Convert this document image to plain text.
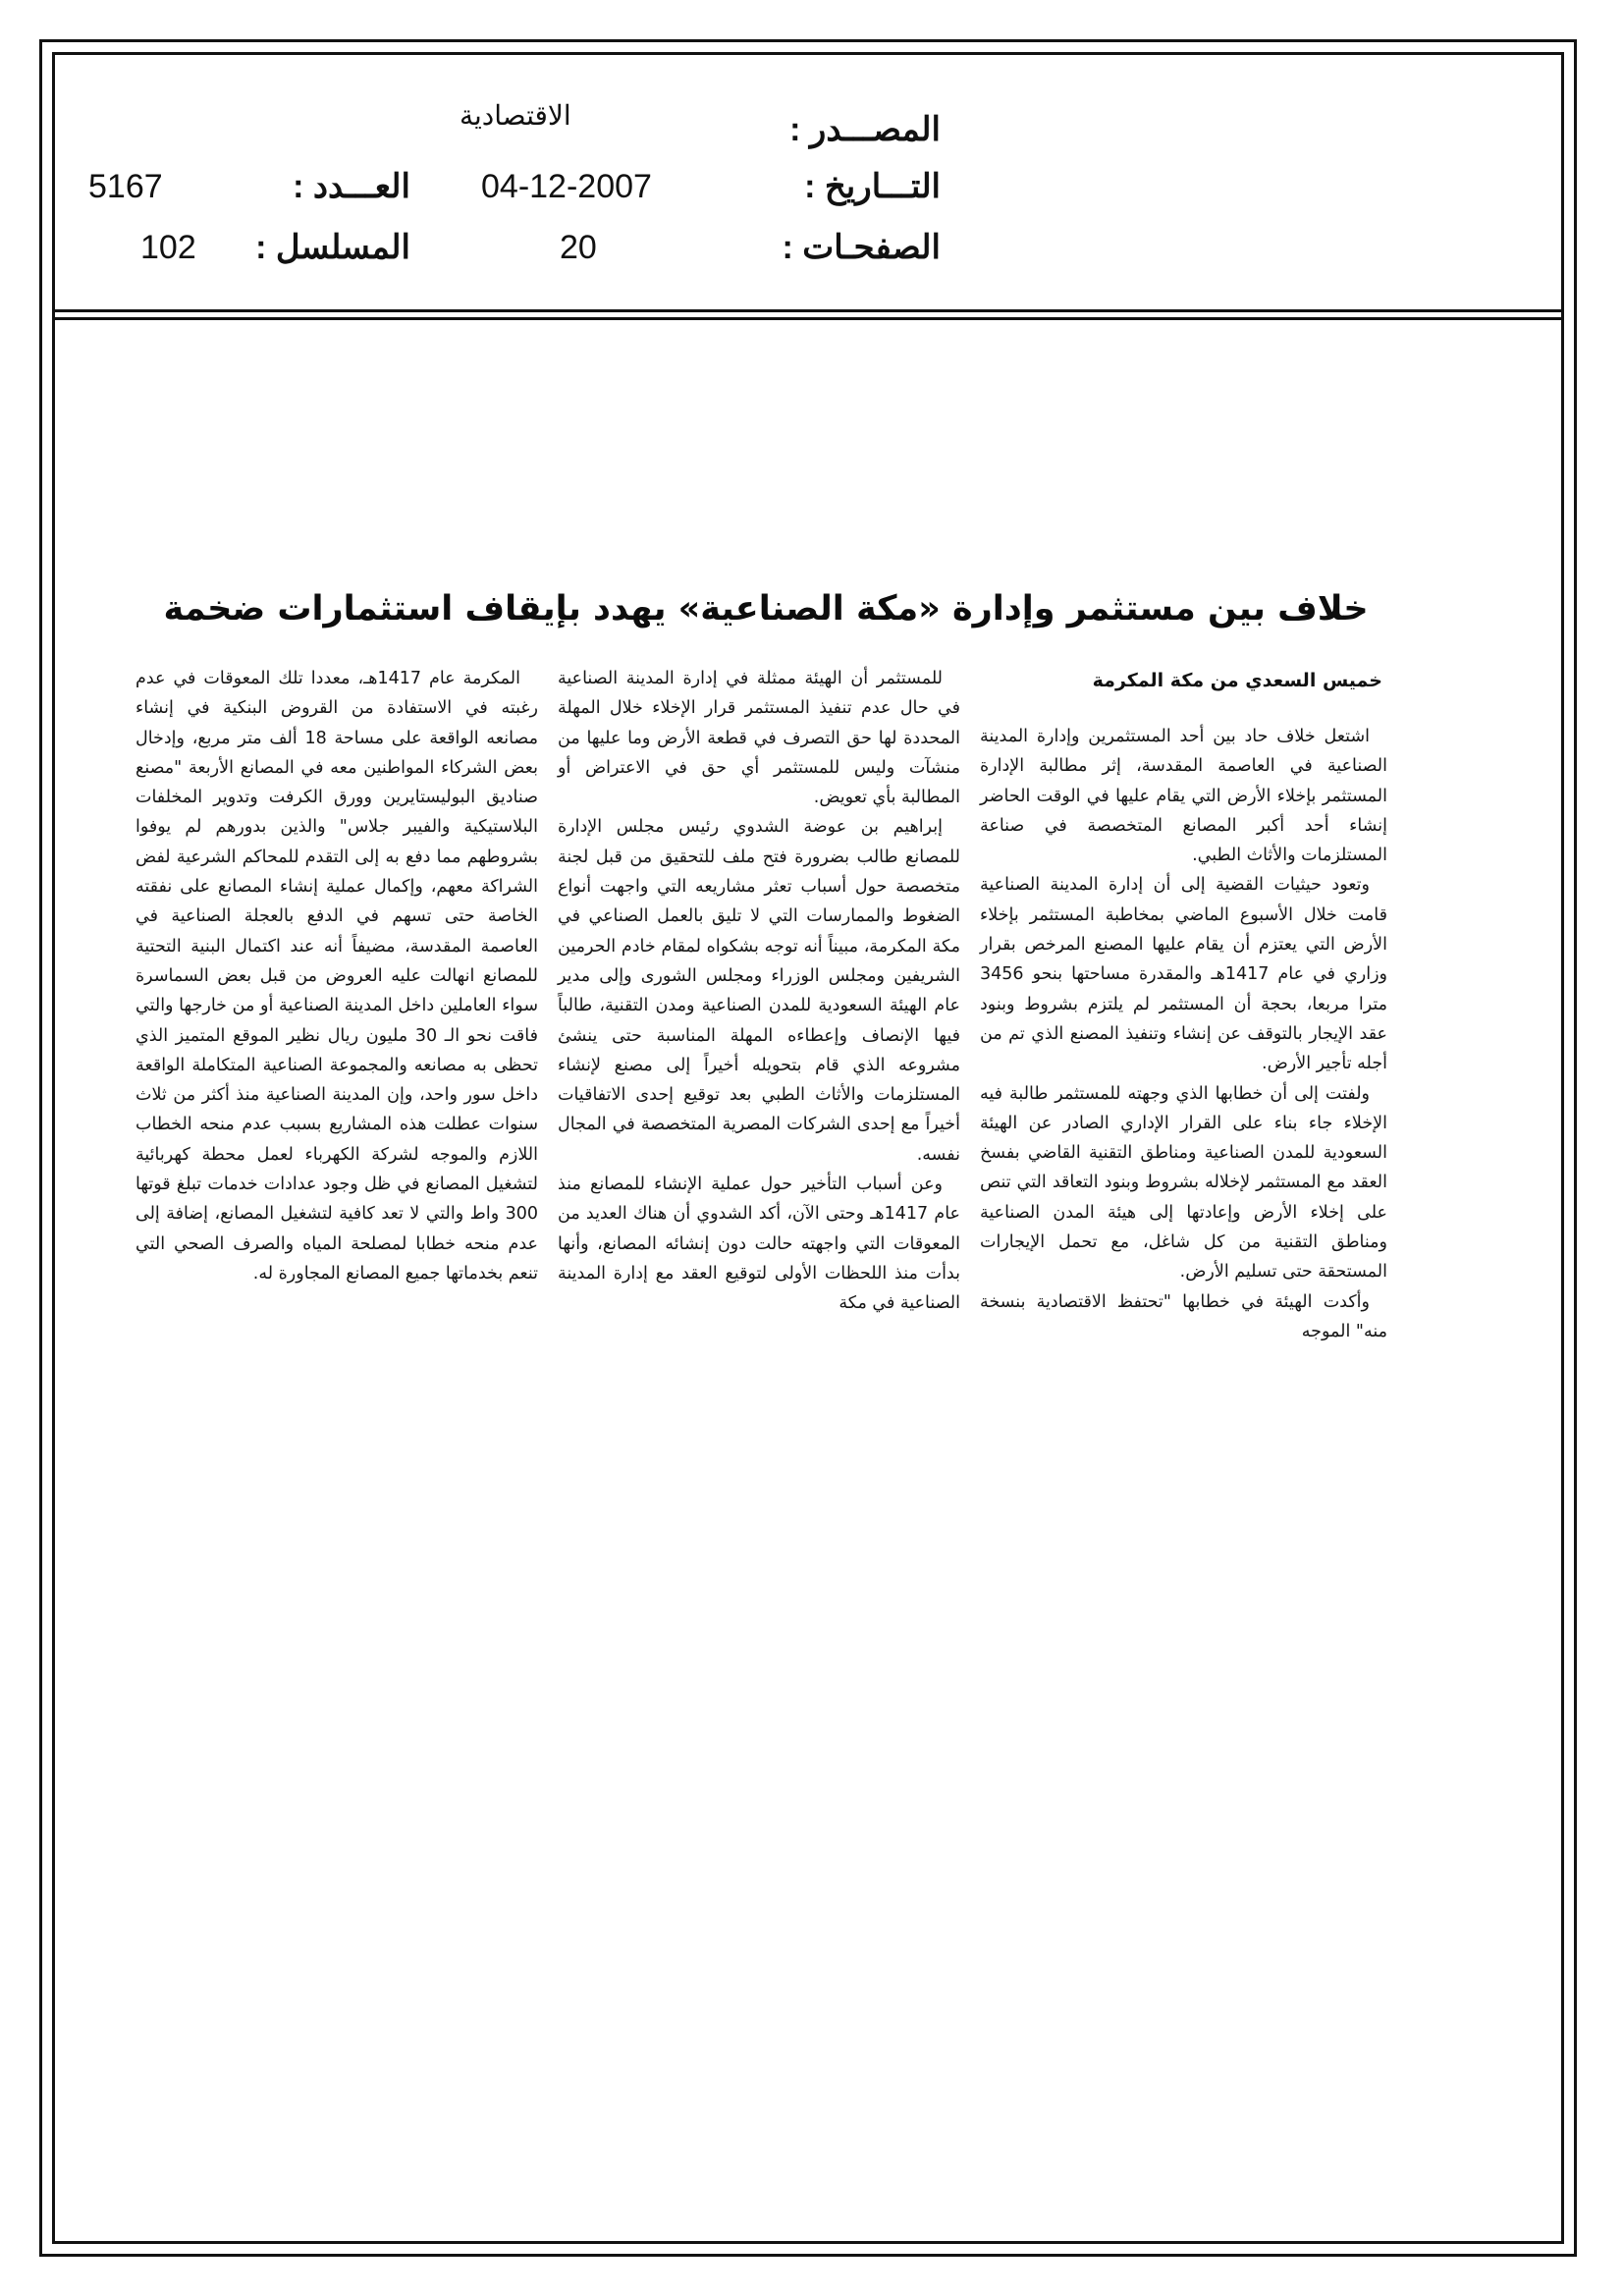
المصـــدر :
الاقتصادية
التـــاريخ :
04-12-2007
العـــدد :
5167
الصفحـات :
20
المسلسل :
102
خلاف بين مستثمر وإدارة «مكة الصناعية» يهدد بإيقاف استثمارات ضخمة
خميس السعدي من مكة المكرمة

اشتعل خلاف حاد بين أحد المستثمرين وإدارة المدينة الصناعية في العاصمة المقدسة، إثر مطالبة الإدارة المستثمر بإخلاء الأرض التي يقام عليها في الوقت الحاضر إنشاء أحد أكبر المصانع المتخصصة في صناعة المستلزمات والأثاث الطبي.

وتعود حيثيات القضية إلى أن إدارة المدينة الصناعية قامت خلال الأسبوع الماضي بمخاطبة المستثمر بإخلاء الأرض التي يعتزم أن يقام عليها المصنع المرخص بقرار وزاري في عام 1417هـ والمقدرة مساحتها بنحو 3456 مترا مربعا، بحجة أن المستثمر لم يلتزم بشروط وبنود عقد الإيجار بالتوقف عن إنشاء وتنفيذ المصنع الذي تم من أجله تأجير الأرض.

ولفتت إلى أن خطابها الذي وجهته للمستثمر طالبة فيه الإخلاء جاء بناء على القرار الإداري الصادر عن الهيئة السعودية للمدن الصناعية ومناطق التقنية القاضي بفسخ العقد مع المستثمر لإخلاله بشروط وبنود التعاقد التي تنص على إخلاء الأرض وإعادتها إلى هيئة المدن الصناعية ومناطق التقنية من كل شاغل، مع تحمل الإيجارات المستحقة حتى تسليم الأرض.

وأكدت الهيئة في خطابها "تحتفظ الاقتصادية بنسخة منه" الموجه

للمستثمر أن الهيئة ممثلة في إدارة المدينة الصناعية في حال عدم تنفيذ المستثمر قرار الإخلاء خلال المهلة المحددة لها حق التصرف في قطعة الأرض وما عليها من منشآت وليس للمستثمر أي حق في الاعتراض أو المطالبة بأي تعويض.

إبراهيم بن عوضة الشدوي رئيس مجلس الإدارة للمصانع طالب بضرورة فتح ملف للتحقيق من قبل لجنة متخصصة حول أسباب تعثر مشاريعه التي واجهت أنواع الضغوط والممارسات التي لا تليق بالعمل الصناعي في مكة المكرمة، مبيناً أنه توجه بشكواه لمقام خادم الحرمين الشريفين ومجلس الوزراء ومجلس الشورى وإلى مدير عام الهيئة السعودية للمدن الصناعية ومدن التقنية، طالباً فيها الإنصاف وإعطاءه المهلة المناسبة حتى ينشئ مشروعه الذي قام بتحويله أخيراً إلى مصنع لإنشاء المستلزمات والأثاث الطبي بعد توقيع إحدى الاتفاقيات أخيراً مع إحدى الشركات المصرية المتخصصة في المجال نفسه.

وعن أسباب التأخير حول عملية الإنشاء للمصانع منذ عام 1417هـ وحتى الآن، أكد الشدوي أن هناك العديد من المعوقات التي واجهته حالت دون إنشائه المصانع، وأنها بدأت منذ اللحظات الأولى لتوقيع العقد مع إدارة المدينة الصناعية في مكة

المكرمة عام 1417هـ، معددا تلك المعوقات في عدم رغبته في الاستفادة من القروض البنكية في إنشاء مصانعه الواقعة على مساحة 18 ألف متر مربع، وإدخال بعض الشركاء المواطنين معه في المصانع الأربعة "مصنع صناديق البوليستايرين وورق الكرفت وتدوير المخلفات البلاستيكية والفيبر جلاس" والذين بدورهم لم يوفوا بشروطهم مما دفع به إلى التقدم للمحاكم الشرعية لفض الشراكة معهم، وإكمال عملية إنشاء المصانع على نفقته الخاصة حتى تسهم في الدفع بالعجلة الصناعية في العاصمة المقدسة، مضيفاً أنه عند اكتمال البنية التحتية للمصانع انهالت عليه العروض من قبل بعض السماسرة سواء العاملين داخل المدينة الصناعية أو من خارجها والتي فاقت نحو الـ 30 مليون ريال نظير الموقع المتميز الذي تحظى به مصانعه والمجموعة الصناعية المتكاملة الواقعة داخل سور واحد، وإن المدينة الصناعية منذ أكثر من ثلاث سنوات عطلت هذه المشاريع بسبب عدم منحه الخطاب اللازم والموجه لشركة الكهرباء لعمل محطة كهربائية لتشغيل المصانع في ظل وجود عدادات خدمات تبلغ قوتها 300 واط والتي لا تعد كافية لتشغيل المصانع، إضافة إلى عدم منحه خطابا لمصلحة المياه والصرف الصحي التي تنعم بخدماتها جميع المصانع المجاورة له.
